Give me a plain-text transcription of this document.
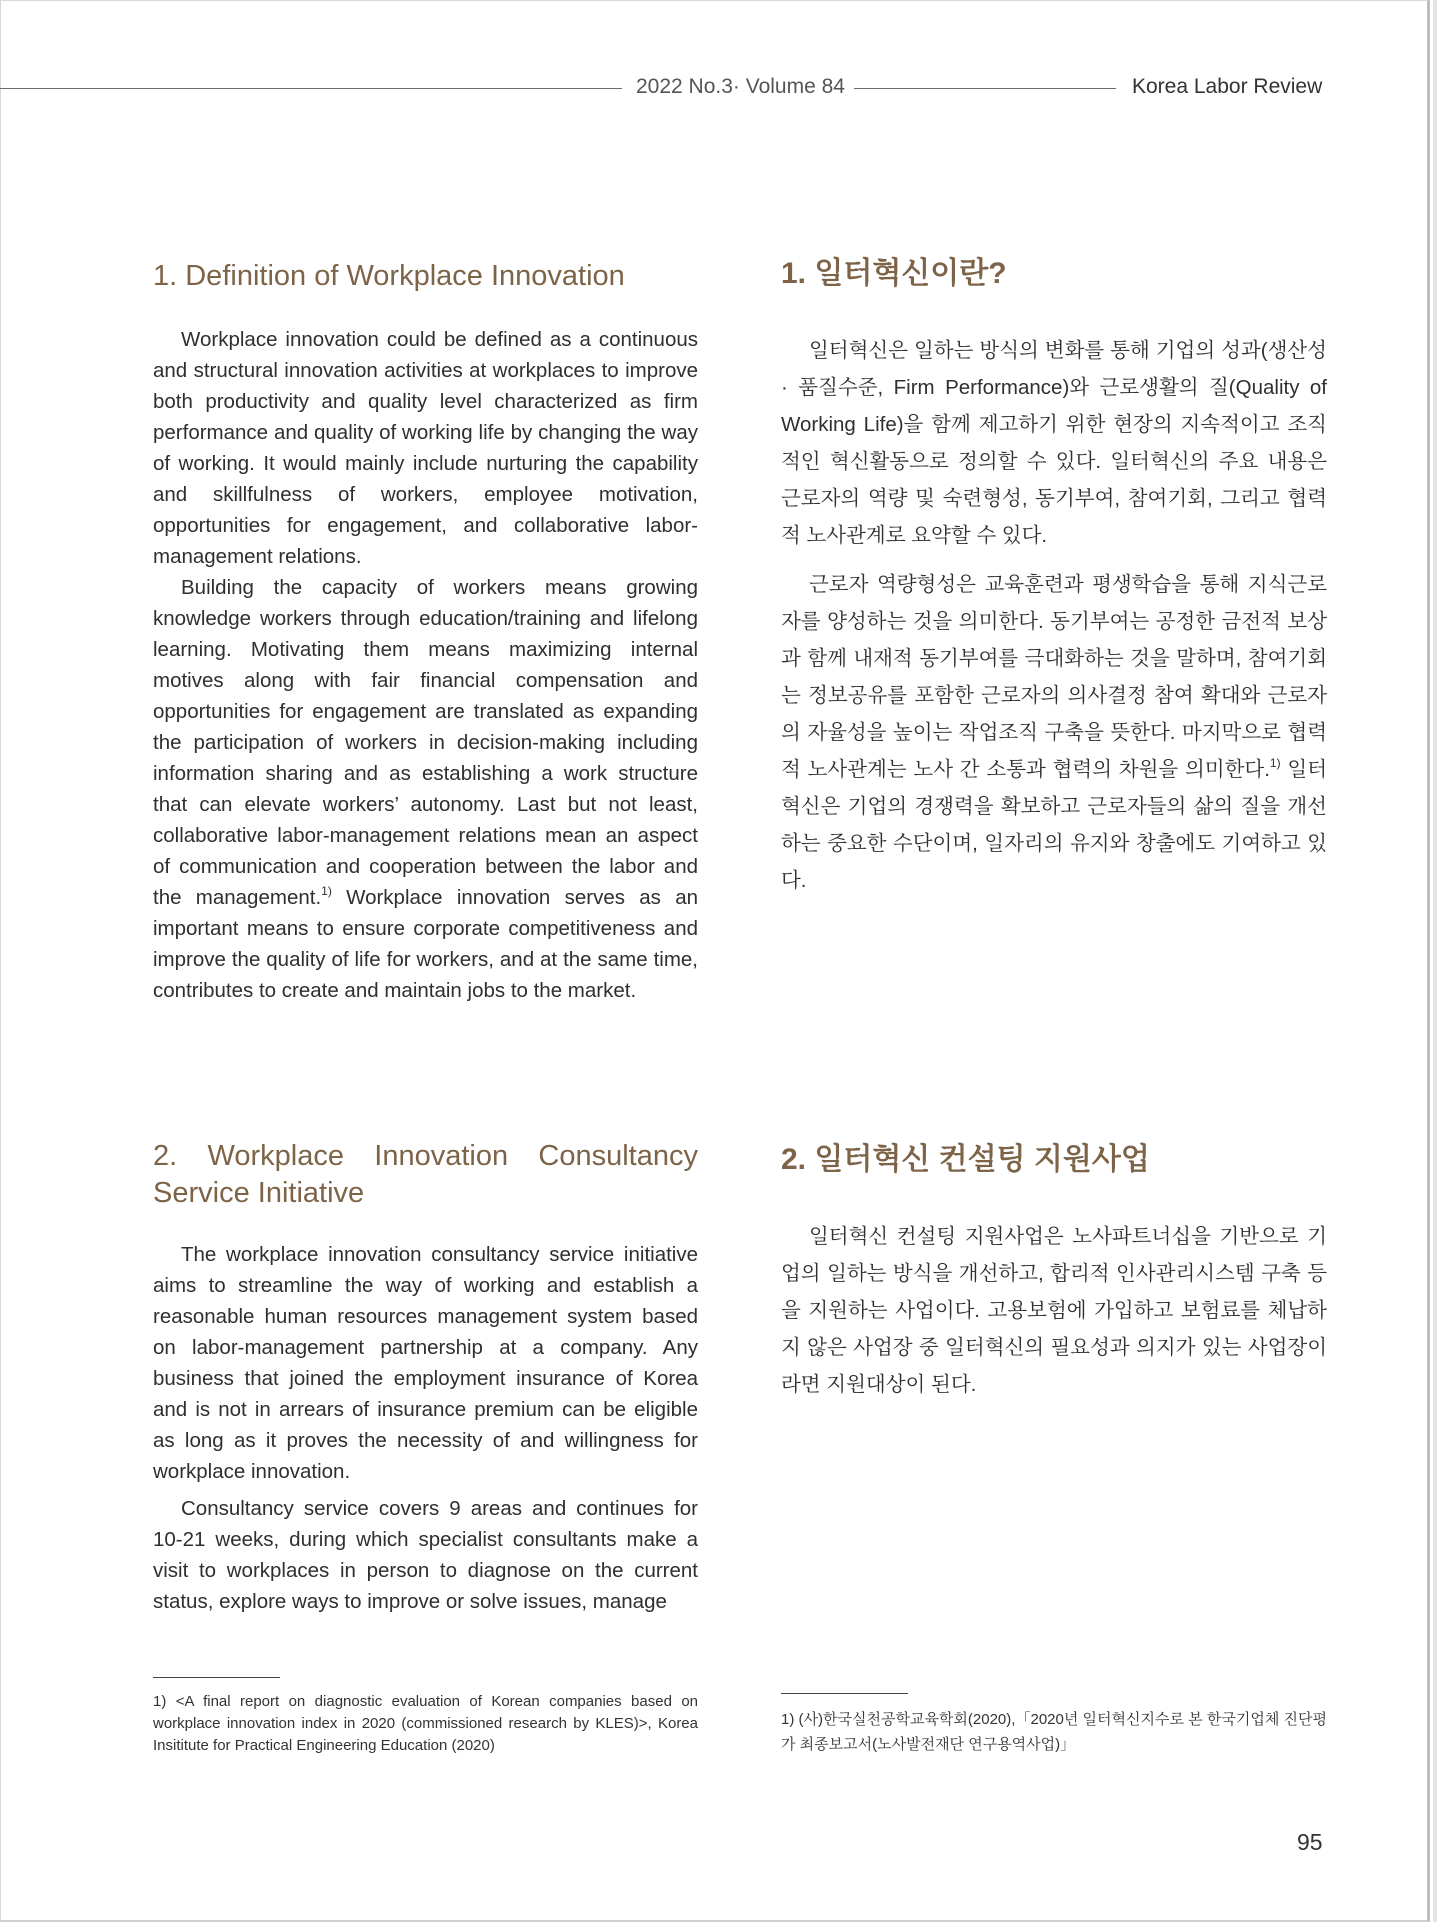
2022 No.3· Volume 84	Korea Labor Review
1. Definition of Workplace Innovation

Workplace innovation could be defined as a continuous and structural innovation activities at workplaces to improve both productivity and quality level characterized as firm performance and quality of working life by changing the way of working. It would mainly include nurturing the capability and skillfulness of workers, employee motivation, opportunities for engagement, and collaborative labor-management relations.

Building the capacity of workers means growing knowledge workers through education/training and lifelong learning. Motivating them means maximizing internal motives along with fair financial compensation and opportunities for engagement are translated as expanding the participation of workers in decision-making including information sharing and as establishing a work structure that can elevate workers’ autonomy. Last but not least, collaborative labor-management relations mean an aspect of communication and cooperation between the labor and the management.$^{1)}$ Workplace innovation serves as an important means to ensure corporate competitiveness and improve the quality of life for workers, and at the same time, contributes to create and maintain jobs to the market.

1. 일터혁신이란?

일터혁신은 일하는 방식의 변화를 통해 기업의 성과(생산성 · 품질수준, Firm Performance)와 근로생활의 질(Quality of Working Life)을 함께 제고하기 위한 현장의 지속적이고 조직적인 혁신활동으로 정의할 수 있다. 일터혁신의 주요 내용은 근로자의 역량 및 숙련형성, 동기부여, 참여기회, 그리고 협력적 노사관계로 요약할 수 있다.

근로자 역량형성은 교육훈련과 평생학습을 통해 지식근로자를 양성하는 것을 의미한다. 동기부여는 공정한 금전적 보상과 함께 내재적 동기부여를 극대화하는 것을 말하며, 참여기회는 정보공유를 포함한 근로자의 의사결정 참여 확대와 근로자의 자율성을 높이는 작업조직 구축을 뜻한다. 마지막으로 협력적 노사관계는 노사 간 소통과 협력의 차원을 의미한다.$^{1)}$ 일터혁신은 기업의 경쟁력을 확보하고 근로자들의 삶의 질을 개선하는 중요한 수단이며, 일자리의 유지와 창출에도 기여하고 있다.

2. Workplace Innovation Consultancy Service Initiative

The workplace innovation consultancy service initiative aims to streamline the way of working and establish a reasonable human resources management system based on labor-management partnership at a company. Any business that joined the employment insurance of Korea and is not in arrears of insurance premium can be eligible as long as it proves the necessity of and willingness for workplace innovation.

Consultancy service covers 9 areas and continues for 10-21 weeks, during which specialist consultants make a visit to workplaces in person to diagnose on the current status, explore ways to improve or solve issues, manage

2. 일터혁신 컨설팅 지원사업

일터혁신 컨설팅 지원사업은 노사파트너십을 기반으로 기업의 일하는 방식을 개선하고, 합리적 인사관리시스템 구축 등을 지원하는 사업이다. 고용보험에 가입하고 보험료를 체납하지 않은 사업장 중 일터혁신의 필요성과 의지가 있는 사업장이라면 지원대상이 된다.

1) <A final report on diagnostic evaluation of Korean companies based on workplace innovation index in 2020 (commissioned research by KLES)>, Korea Insititute for Practical Engineering Education (2020)

1) (사)한국실천공학교육학회(2020),「2020년 일터혁신지수로 본 한국기업체 진단평가 최종보고서(노사발전재단 연구용역사업)」

95
